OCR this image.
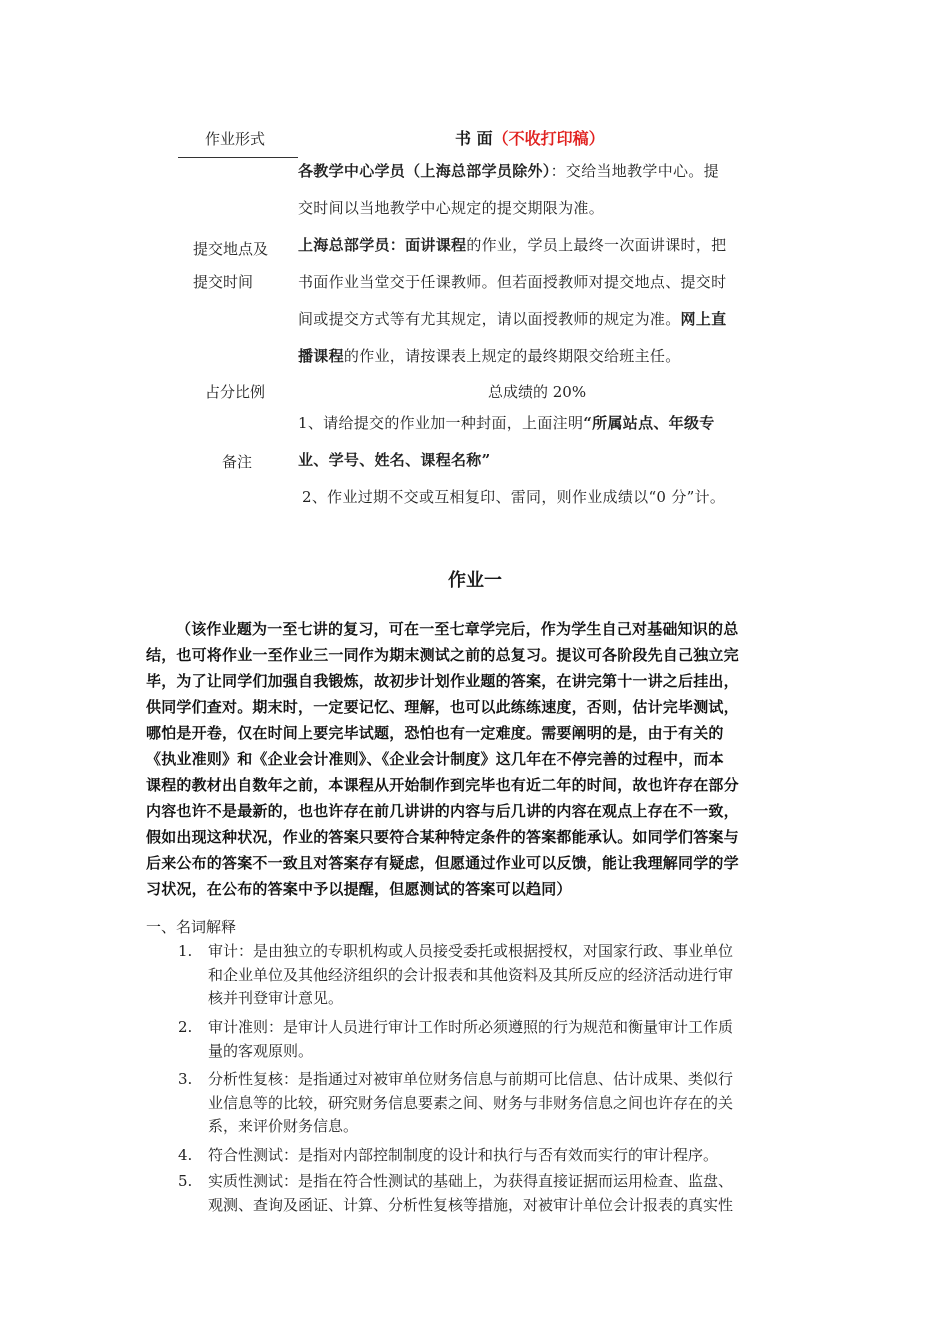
作业形式	书 面（不收打印稿）
提交地点及
提交时间
各教学中心学员（上海总部学员除外）：交给当地教学中心。提
交时间以当地教学中心规定的提交期限为准。
上海总部学员：面讲课程的作业，学员上最终一次面讲课时，把
书面作业当堂交于任课教师。但若面授教师对提交地点、提交时
间或提交方式等有尤其规定，请以面授教师的规定为准。网上直
播课程的作业，请按课表上规定的最终期限交给班主任。
占分比例	总成绩的 20%
备注
1、请给提交的作业加一种封面，上面注明“所属站点、年级专
业、学号、姓名、课程名称”
2、作业过期不交或互相复印、雷同，则作业成绩以“0 分”计。
作业一
（该作业题为一至七讲的复习，可在一至七章学完后，作为学生自己对基础知识的总
结，也可将作业一至作业三一同作为期末测试之前的总复习。提议可各阶段先自己独立完
毕，为了让同学们加强自我锻炼，故初步计划作业题的答案，在讲完第十一讲之后挂出，
供同学们查对。期末时，一定要记忆、理解，也可以此练练速度，否则，估计完毕测试，
哪怕是开卷，仅在时间上要完毕试题，恐怕也有一定难度。需要阐明的是，由于有关的
《执业准则》和《企业会计准则》、《企业会计制度》这几年在不停完善的过程中，而本
课程的教材出自数年之前，本课程从开始制作到完毕也有近二年的时间，故也许存在部分
内容也许不是最新的，也也许存在前几讲讲的内容与后几讲的内容在观点上存在不一致，
假如出现这种状况，作业的答案只要符合某种特定条件的答案都能承认。如同学们答案与
后来公布的答案不一致且对答案存有疑虑，但愿通过作业可以反馈，能让我理解同学的学
习状况，在公布的答案中予以提醒，但愿测试的答案可以趋同）
一、名词解释
1. 审计：是由独立的专职机构或人员接受委托或根据授权，对国家行政、事业单位
和企业单位及其他经济组织的会计报表和其他资料及其所反应的经济活动进行审
核并刊登审计意见。
2. 审计准则：是审计人员进行审计工作时所必须遵照的行为规范和衡量审计工作质
量的客观原则。
3. 分析性复核：是指通过对被审单位财务信息与前期可比信息、估计成果、类似行
业信息等的比较，研究财务信息要素之间、财务与非财务信息之间也许存在的关
系，来评价财务信息。
4. 符合性测试：是指对内部控制制度的设计和执行与否有效而实行的审计程序。
5. 实质性测试：是指在符合性测试的基础上，为获得直接证据而运用检查、监盘、
观测、查询及函证、计算、分析性复核等措施，对被审计单位会计报表的真实性
